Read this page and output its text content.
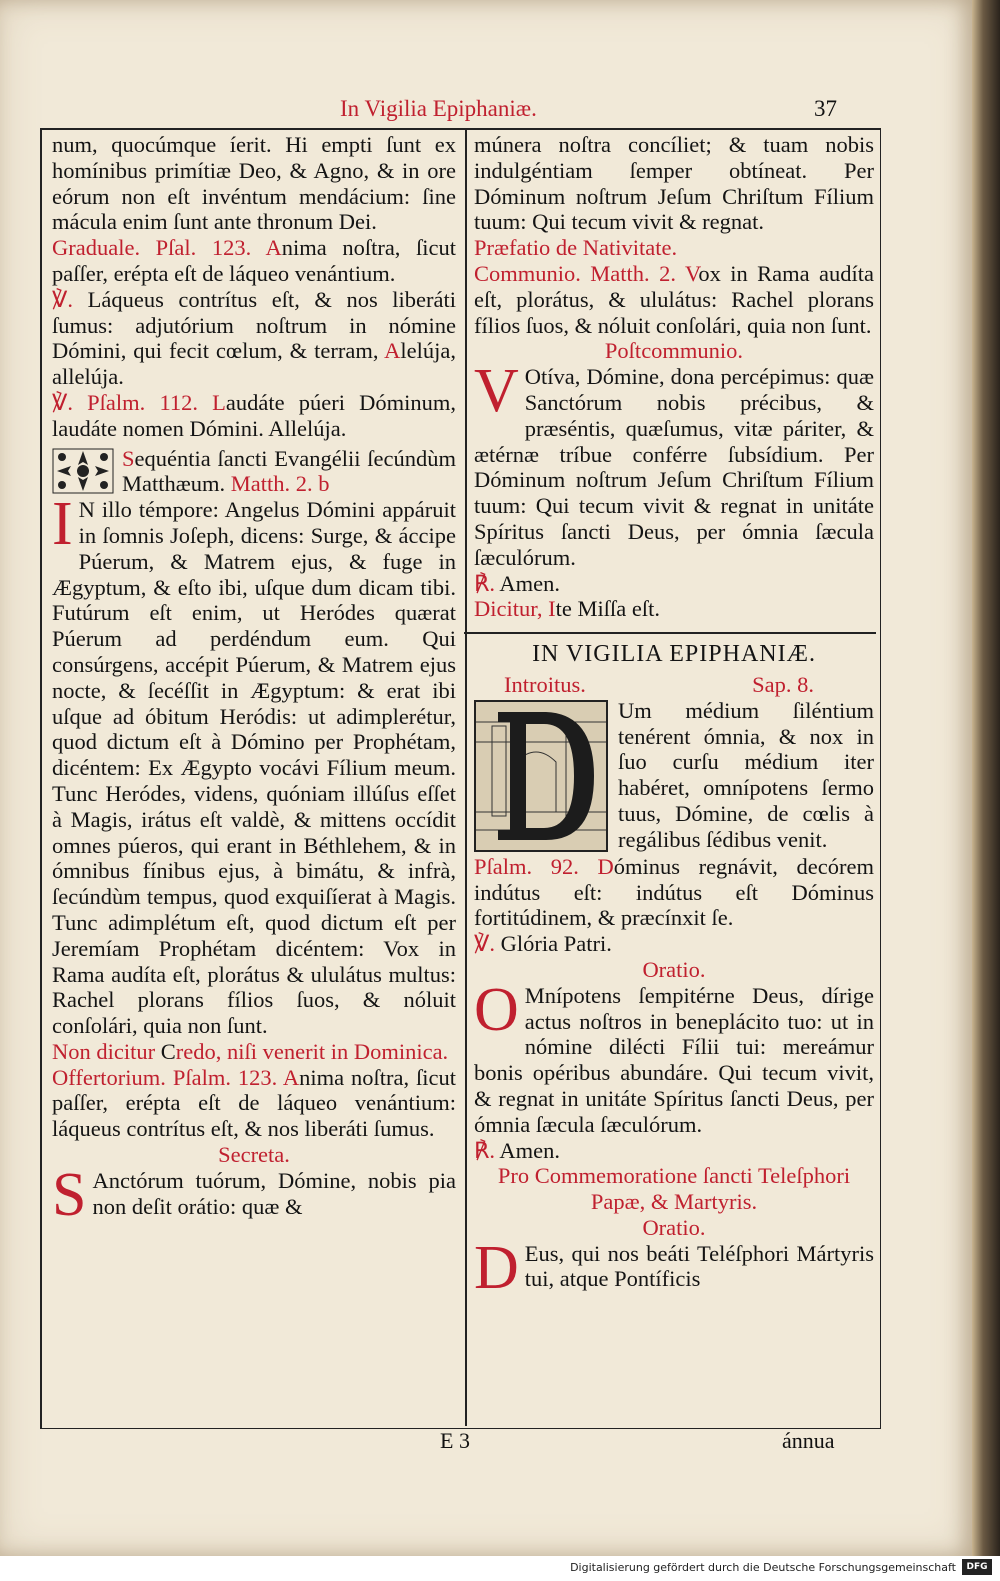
In Vigilia Epiphaniæ.	37

num, quocúmque íerit. Hi empti ſunt ex homínibus primítiæ Deo, & Agno, & in ore eórum non eſt invéntum mendácium: ſine mácula enim ſunt ante thronum Dei.

Graduale. Pſal. 123. Anima noſtra, ſicut paſſer, erépta eſt de láqueo venántium.

℣. Láqueus contrítus eſt, & nos liberáti ſumus: adjutórium noſtrum in nómine Dómini, qui fecit cœlum, & terram, Alelúja, allelúja.

℣. Pſalm. 112. Laudáte púeri Dóminum, laudáte nomen Dómini. Allelúja.

Sequéntia ſancti Evangélii ſecúndùm Matthæum. Matth. 2. b

I N illo témpore: Angelus Dómini appáruit in ſomnis Joſeph, dicens: Surge, & áccipe Púerum, & Matrem ejus, & fuge in Ægyptum, & eſto ibi, uſque dum dicam tibi. Futúrum eſt enim, ut Heródes quærat Púerum ad perdéndum eum. Qui consúrgens, accépit Púerum, & Matrem ejus nocte, & ſecéſſit in Ægyptum: & erat ibi uſque ad óbitum Heródis: ut adimplerétur, quod dictum eſt à Dómino per Prophétam, dicéntem: Ex Ægypto vocávi Fílium meum. Tunc Heródes, videns, quóniam illúſus eſſet à Magis, irátus eſt valdè, & mittens occídit omnes púeros, qui erant in Béthlehem, & in ómnibus fínibus ejus, à bimátu, & infrà, ſecúndùm tempus, quod exquiſíerat à Magis. Tunc adimplétum eſt, quod dictum eſt per Jeremíam Prophétam dicéntem: Vox in Rama audíta eſt, plorátus & ululátus multus: Rachel plorans fílios ſuos, & nóluit conſolári, quia non ſunt.

Non dicitur Credo, niſi venerit in Dominica.

Offertorium. Pſalm. 123. Anima noſtra, ſicut paſſer, erépta eſt de láqueo venántium: láqueus contrítus eſt, & nos liberáti ſumus.

Secreta.

S Anctórum tuórum, Dómine, nobis pia non deſit orátio: quæ &

múnera noſtra concíliet; & tuam nobis indulgéntiam ſemper obtíneat. Per Dóminum noſtrum Jeſum Chriſtum Fílium tuum: Qui tecum vivit & regnat.

Præfatio de Nativitate.

Communio. Matth. 2. Vox in Rama audíta eſt, plorátus, & ululátus: Rachel plorans fílios ſuos, & nóluit conſolári, quia non ſunt.

Poſtcommunio.

V Otíva, Dómine, dona percépimus: quæ Sanctórum nobis précibus, & præséntis, quæſumus, vitæ páriter, & ætérnæ tríbue conférre ſubsídium. Per Dóminum noſtrum Jeſum Chriſtum Fílium tuum: Qui tecum vivit & regnat in unitáte Spíritus ſancti Deus, per ómnia ſæcula ſæculórum.

℟. Amen.

Dicitur, Ite Miſſa eſt.

IN VIGILIA EPIPHANIÆ.

Introitus.	Sap. 8.

Um médium ſiléntium tenérent ómnia, & nox in ſuo curſu médium iter habéret, omnípotens ſermo tuus, Dómine, de cœlis à regálibus ſédibus venit.

Pſalm. 92. Dóminus regnávit, decórem indútus eſt: indútus eſt Dóminus fortitúdinem, & præcínxit ſe.

℣. Glória Patri.

Oratio.

O Mnípotens ſempitérne Deus, dírige actus noſtros in beneplácito tuo: ut in nómine dilécti Fílii tui: mereámur bonis opéribus abundáre. Qui tecum vivit, & regnat in unitáte Spíritus ſancti Deus, per ómnia ſæcula ſæculórum.

℟. Amen.

Pro Commemoratione ſancti Teleſphori Papæ, & Martyris.

Oratio.

D Eus, qui nos beáti Teléſphori Mártyris tui, atque Pontíficis

E 3	ánnua
Digitalisierung gefördert durch die Deutsche Forschungsgemeinschaft	DFG
